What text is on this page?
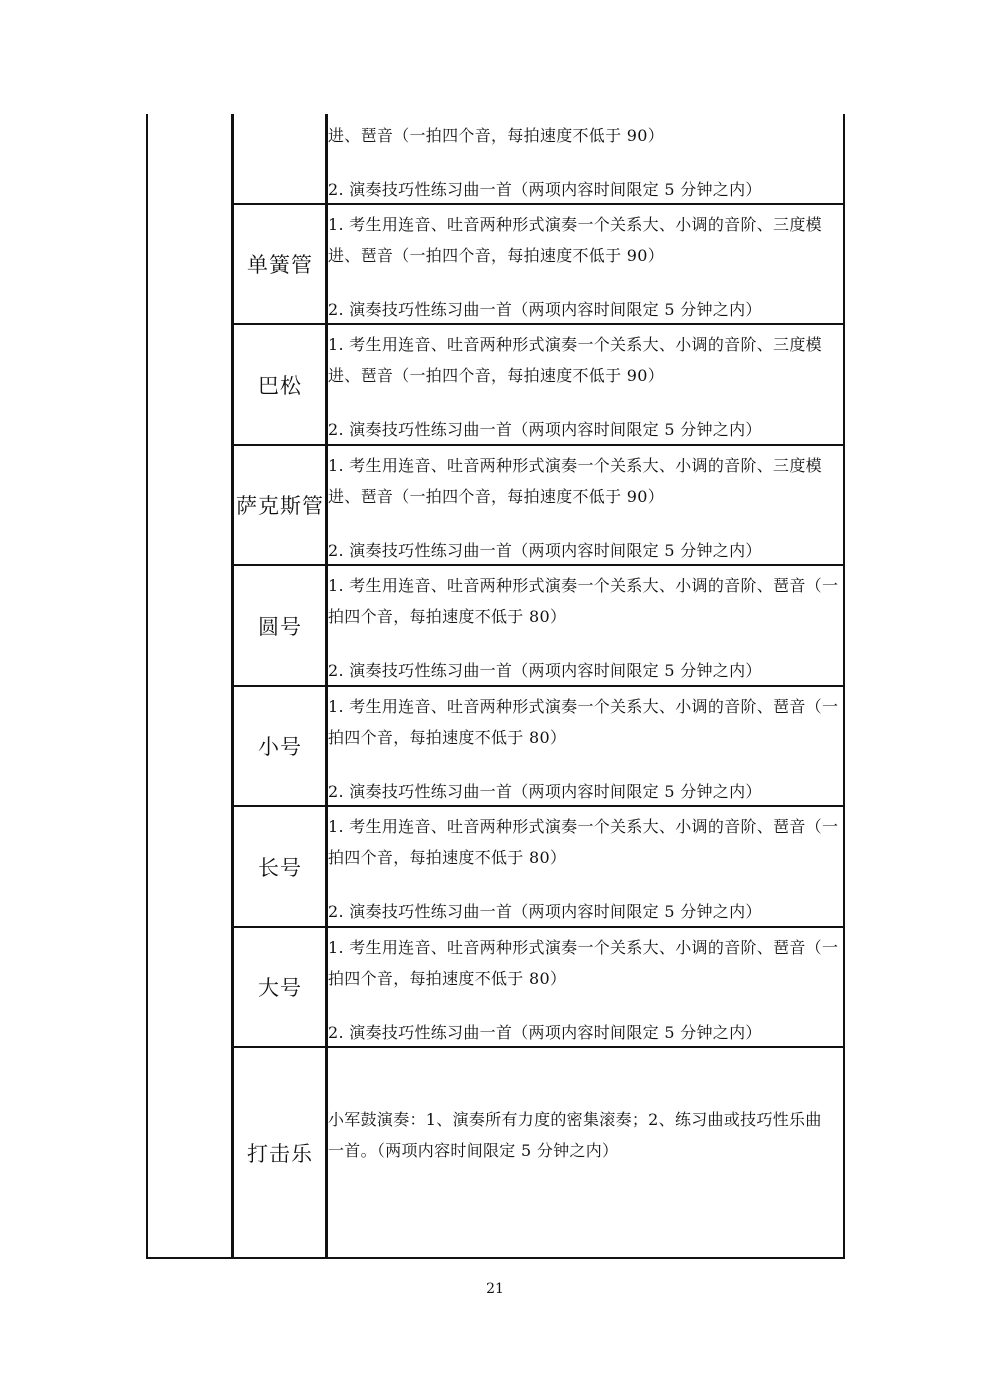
进、琶音（一拍四个音，每拍速度不低于 90）
2. 演奏技巧性练习曲一首（两项内容时间限定 5 分钟之内）
单簧管
1. 考生用连音、吐音两种形式演奏一个关系大、小调的音阶、三度模
进、琶音（一拍四个音，每拍速度不低于 90）
2. 演奏技巧性练习曲一首（两项内容时间限定 5 分钟之内）
巴松
1. 考生用连音、吐音两种形式演奏一个关系大、小调的音阶、三度模
进、琶音（一拍四个音，每拍速度不低于 90）
2. 演奏技巧性练习曲一首（两项内容时间限定 5 分钟之内）
萨克斯管
1. 考生用连音、吐音两种形式演奏一个关系大、小调的音阶、三度模
进、琶音（一拍四个音，每拍速度不低于 90）
2. 演奏技巧性练习曲一首（两项内容时间限定 5 分钟之内）
圆号
1. 考生用连音、吐音两种形式演奏一个关系大、小调的音阶、琶音（一
拍四个音，每拍速度不低于 80）
2. 演奏技巧性练习曲一首（两项内容时间限定 5 分钟之内）
小号
1. 考生用连音、吐音两种形式演奏一个关系大、小调的音阶、琶音（一
拍四个音，每拍速度不低于 80）
2. 演奏技巧性练习曲一首（两项内容时间限定 5 分钟之内）
长号
1. 考生用连音、吐音两种形式演奏一个关系大、小调的音阶、琶音（一
拍四个音，每拍速度不低于 80）
2. 演奏技巧性练习曲一首（两项内容时间限定 5 分钟之内）
大号
1. 考生用连音、吐音两种形式演奏一个关系大、小调的音阶、琶音（一
拍四个音，每拍速度不低于 80）
2. 演奏技巧性练习曲一首（两项内容时间限定 5 分钟之内）
打击乐
小军鼓演奏：1、演奏所有力度的密集滚奏；2、练习曲或技巧性乐曲
一首。（两项内容时间限定 5 分钟之内）
21
